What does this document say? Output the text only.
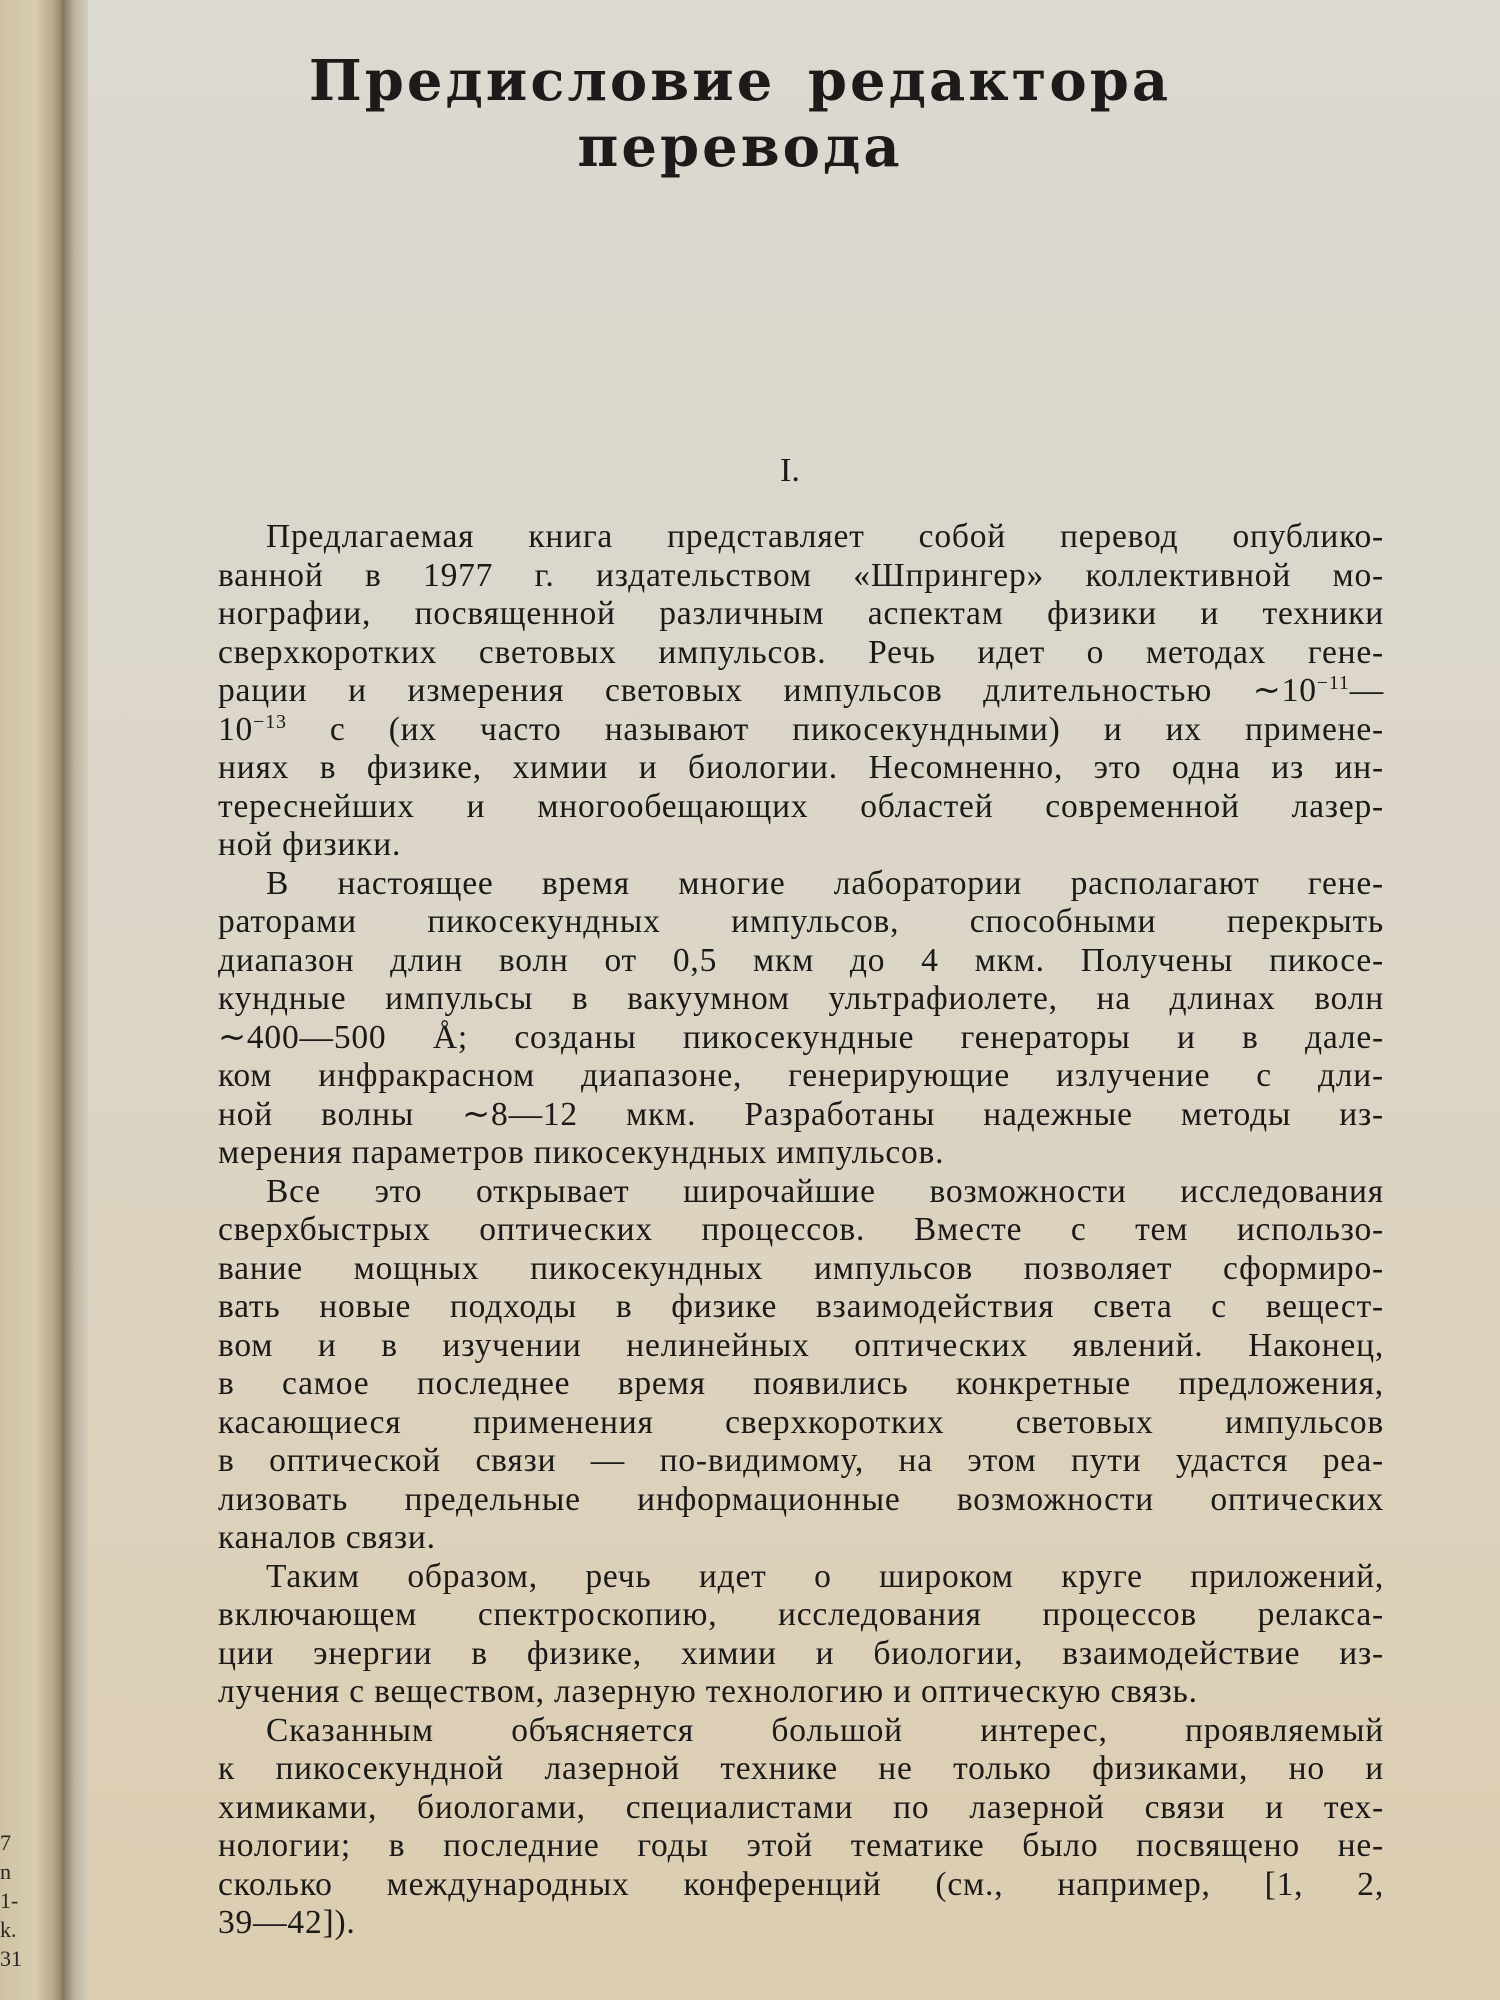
7
n
1-
k.
31
Предисловие редактора перевода
I.
Предлагаемая книга представляет собой перевод опублико-
ванной в 1977 г. издательством «Шпрингер» коллективной мо-
нографии, посвященной различным аспектам физики и техники
сверхкоротких световых импульсов. Речь идет о методах гене-
рации и измерения световых импульсов длительностью $\sim 10^{-11}—$
$10^{-13}$ с (их часто называют пикосекундными) и их применe-
ниях в физике, химии и биологии. Несомненно, это одна из ин-
тереснейших и многообещающих областей современной лазер-
ной физики.
В настоящее время многие лаборатории располагают гене-
раторами пикосекундных импульсов, способными перекрыть
диапазон длин волн от 0,5 мкм до 4 мкм. Получены пикосе-
кундные импульсы в вакуумном ультрафиолете, на длинах волн
∼400—500 Å; созданы пикосекундные генераторы и в дале-
ком инфракрасном диапазоне, генерирующие излучение с дли-
ной волны ∼8—12 мкм. Разработаны надежные методы из-
мерения параметров пикосекундных импульсов.
Все это открывает широчайшие возможности исследования
сверхбыстрых оптических процессов. Вместе с тем использо-
вание мощных пикосекундных импульсов позволяет сформиро-
вать новые подходы в физике взаимодействия света с вещест-
вом и в изучении нелинейных оптических явлений. Наконец,
в самое последнее время появились конкретные предложения,
касающиеся применения сверхкоротких световых импульсов
в оптической связи — по-видимому, на этом пути удастся реа-
лизовать предельные информационные возможности оптических
каналов связи.
Таким образом, речь идет о широком круге приложений,
включающем спектроскопию, исследования процессов релакса-
ции энергии в физике, химии и биологии, взаимодействие из-
лучения с веществом, лазерную технологию и оптическую связь.
Сказанным объясняется большой интерес, проявляемый
к пикосекундной лазерной технике не только физиками, но и
химиками, биологами, специалистами по лазерной связи и тех-
нологии; в последние годы этой тематике было посвящено не-
сколько международных конференций (см., например, [1, 2,
39—42]).
